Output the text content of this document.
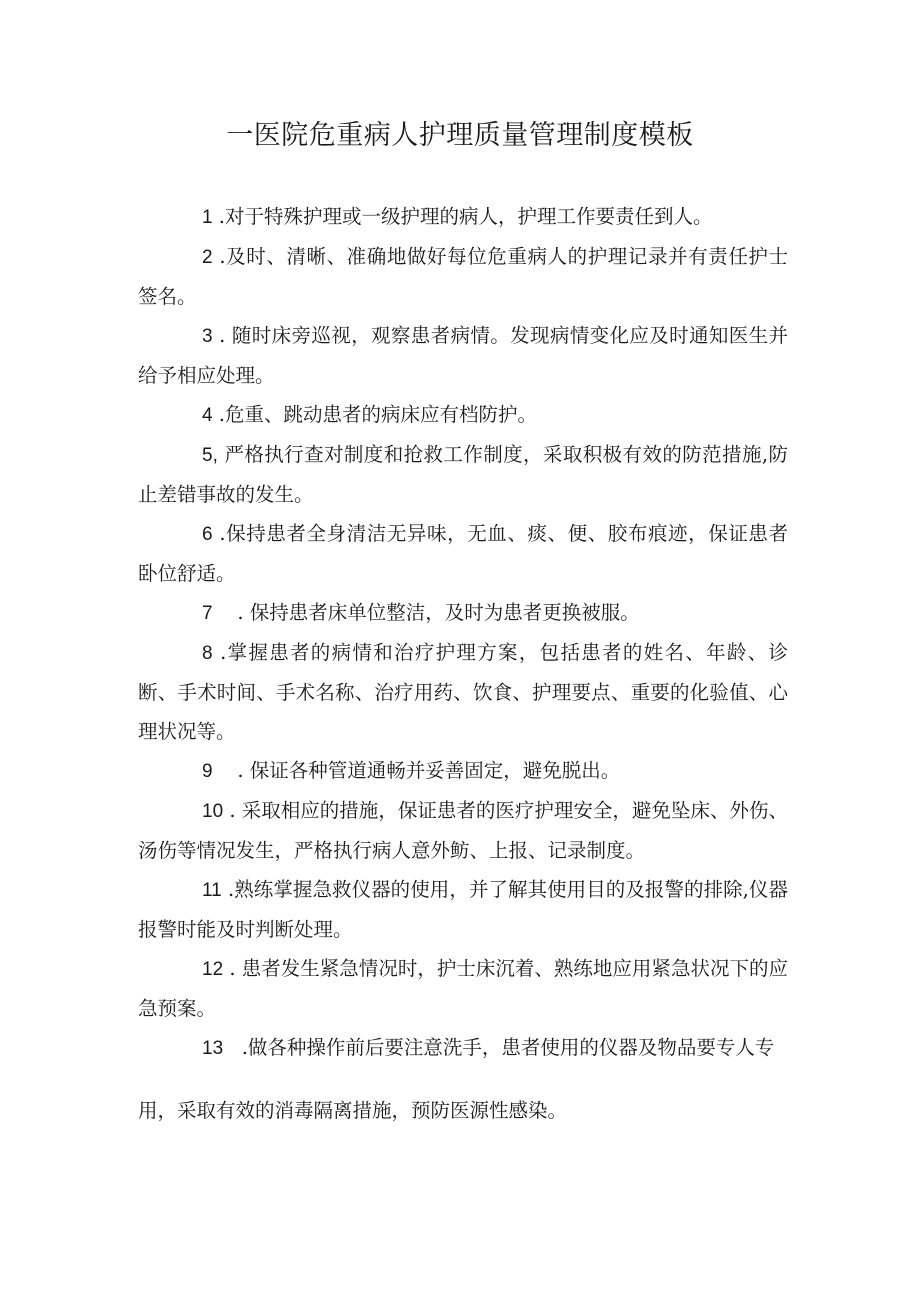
一医院危重病人护理质量管理制度模板

1 .对于特殊护理或一级护理的病人，护理工作要责任到人。

2 .及时、清晰、准确地做好每位危重病人的护理记录并有责任护士签名。

3 . 随时床旁巡视，观察患者病情。发现病情变化应及时通知医生并给予相应处理。

4 .危重、跳动患者的病床应有档防护。

5, 严格执行查对制度和抢救工作制度，采取积极有效的防范措施,防止差错事故的发生。

6 .保持患者全身清洁无异味，无血、痰、便、胶布痕迹，保证患者卧位舒适。

7    . 保持患者床单位整洁，及时为患者更换被服。

8 .掌握患者的病情和治疗护理方案，包括患者的姓名、年龄、诊断、手术时间、手术名称、治疗用药、饮食、护理要点、重要的化验值、心理状况等。

9    . 保证各种管道通畅并妥善固定，避免脱出。

10 . 采取相应的措施，保证患者的医疗护理安全，避免坠床、外伤、汤伤等情况发生，严格执行病人意外鲂、上报、记录制度。

11 .熟练掌握急救仪器的使用，并了解其使用目的及报警的排除,仪器报警时能及时判断处理。

12 . 患者发生紧急情况时，护士床沉着、熟练地应用紧急状况下的应急预案。

13   .做各种操作前后要注意洗手，患者使用的仪器及物品要专人专

用，采取有效的消毒隔离措施，预防医源性感染。
